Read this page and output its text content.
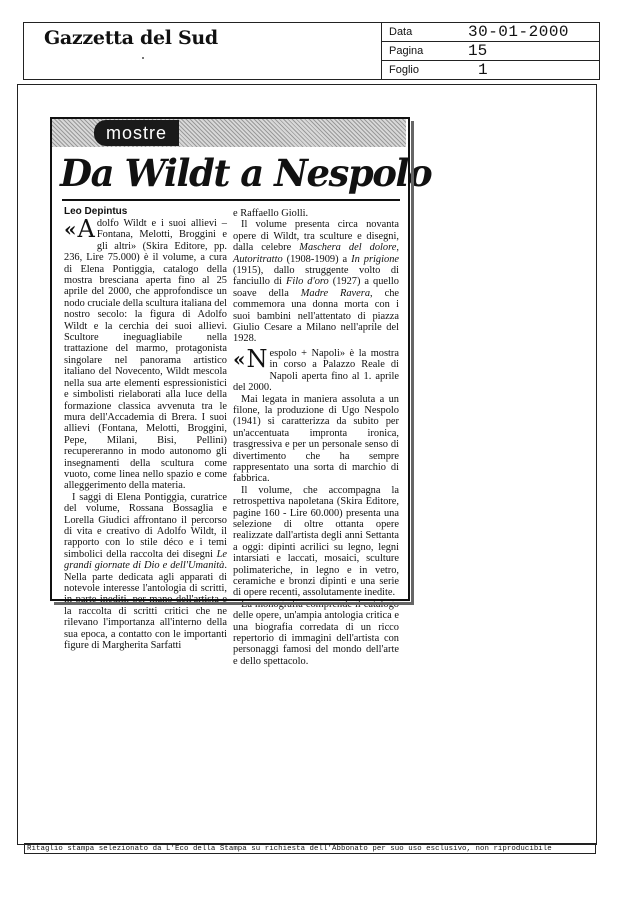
Gazzetta del Sud	Data	30-01-2000
Pagina	15
Foglio	1
mostre
Da Wildt a Nespolo
Leo Depintus

« A dolfo Wildt e i suoi allievi – Fontana, Melotti, Broggini e gli altri» (Skira Editore, pp. 236, Lire 75.000) è il volume, a cura di Elena Pontiggia, catalogo della mostra bresciana aperta fino al 25 aprile del 2000, che approfondisce un nodo cruciale della scultura italiana del nostro secolo: la figura di Adolfo Wildt e la cerchia dei suoi allievi. Scultore ineguagliabile nella trattazione del marmo, protagonista singolare nel panorama artistico italiano del Novecento, Wildt mescola nella sua arte elementi espressionistici e simbolisti rielaborati alla luce della formazione classica avvenuta tra le mura dell'Accademia di Brera. I suoi allievi (Fontana, Melotti, Broggini, Pepe, Milani, Bisi, Pellini) recupereranno in modo autonomo gli insegnamenti della scultura come vuoto, come linea nello spazio e come alleggerimento della materia.

I saggi di Elena Pontiggia, curatrice del volume, Rossana Bossaglia e Lorella Giudici affrontano il percorso di vita e creativo di Adolfo Wildt, il rapporto con lo stile déco e i temi simbolici della raccolta dei disegni Le grandi giornate di Dio e dell'Umanità. Nella parte dedicata agli apparati di notevole interesse l'antologia di scritti, in parte inediti, per mano dell'artista e la raccolta di scritti critici che ne rilevano l'importanza all'interno della sua epoca, a contatto con le importanti figure di Margherita Sarfatti

e Raffaello Giolli.

Il volume presenta circa novanta opere di Wildt, tra sculture e disegni, dalla celebre Maschera del dolore, Autoritratto (1908-1909) a In prigione (1915), dallo struggente volto di fanciullo di Filo d'oro (1927) a quello soave della Madre Ravera, che commemora una donna morta con i suoi bambini nell'attentato di piazza Giulio Cesare a Milano nell'aprile del 1928.

« N espolo + Napoli» è la mostra in corso a Palazzo Reale di Napoli aperta fino al 1. aprile del 2000.

Mai legata in maniera assoluta a un filone, la produzione di Ugo Nespolo (1941) si caratterizza da subito per un'accentuata impronta ironica, trasgressiva e per un personale senso di divertimento che ha sempre rappresentato una sorta di marchio di fabbrica.

Il volume, che accompagna la retrospettiva napoletana (Skira Editore, pagine 160 - Lire 60.000) presenta una selezione di oltre ottanta opere realizzate dall'artista degli anni Settanta a oggi: dipinti acrilici su legno, legni intarsiati e laccati, mosaici, sculture polimateriche, in legno e in vetro, ceramiche e bronzi dipinti e una serie di opere recenti, assolutamente inedite.

La monografia comprende il catalogo delle opere, un'ampia antologia critica e una biografia corredata di un ricco repertorio di immagini dell'artista con personaggi famosi del mondo dell'arte e dello spettacolo.

Ritaglio stampa selezionato da L'Eco della Stampa su richiesta dell'Abbonato per suo uso esclusivo, non riproducibile
